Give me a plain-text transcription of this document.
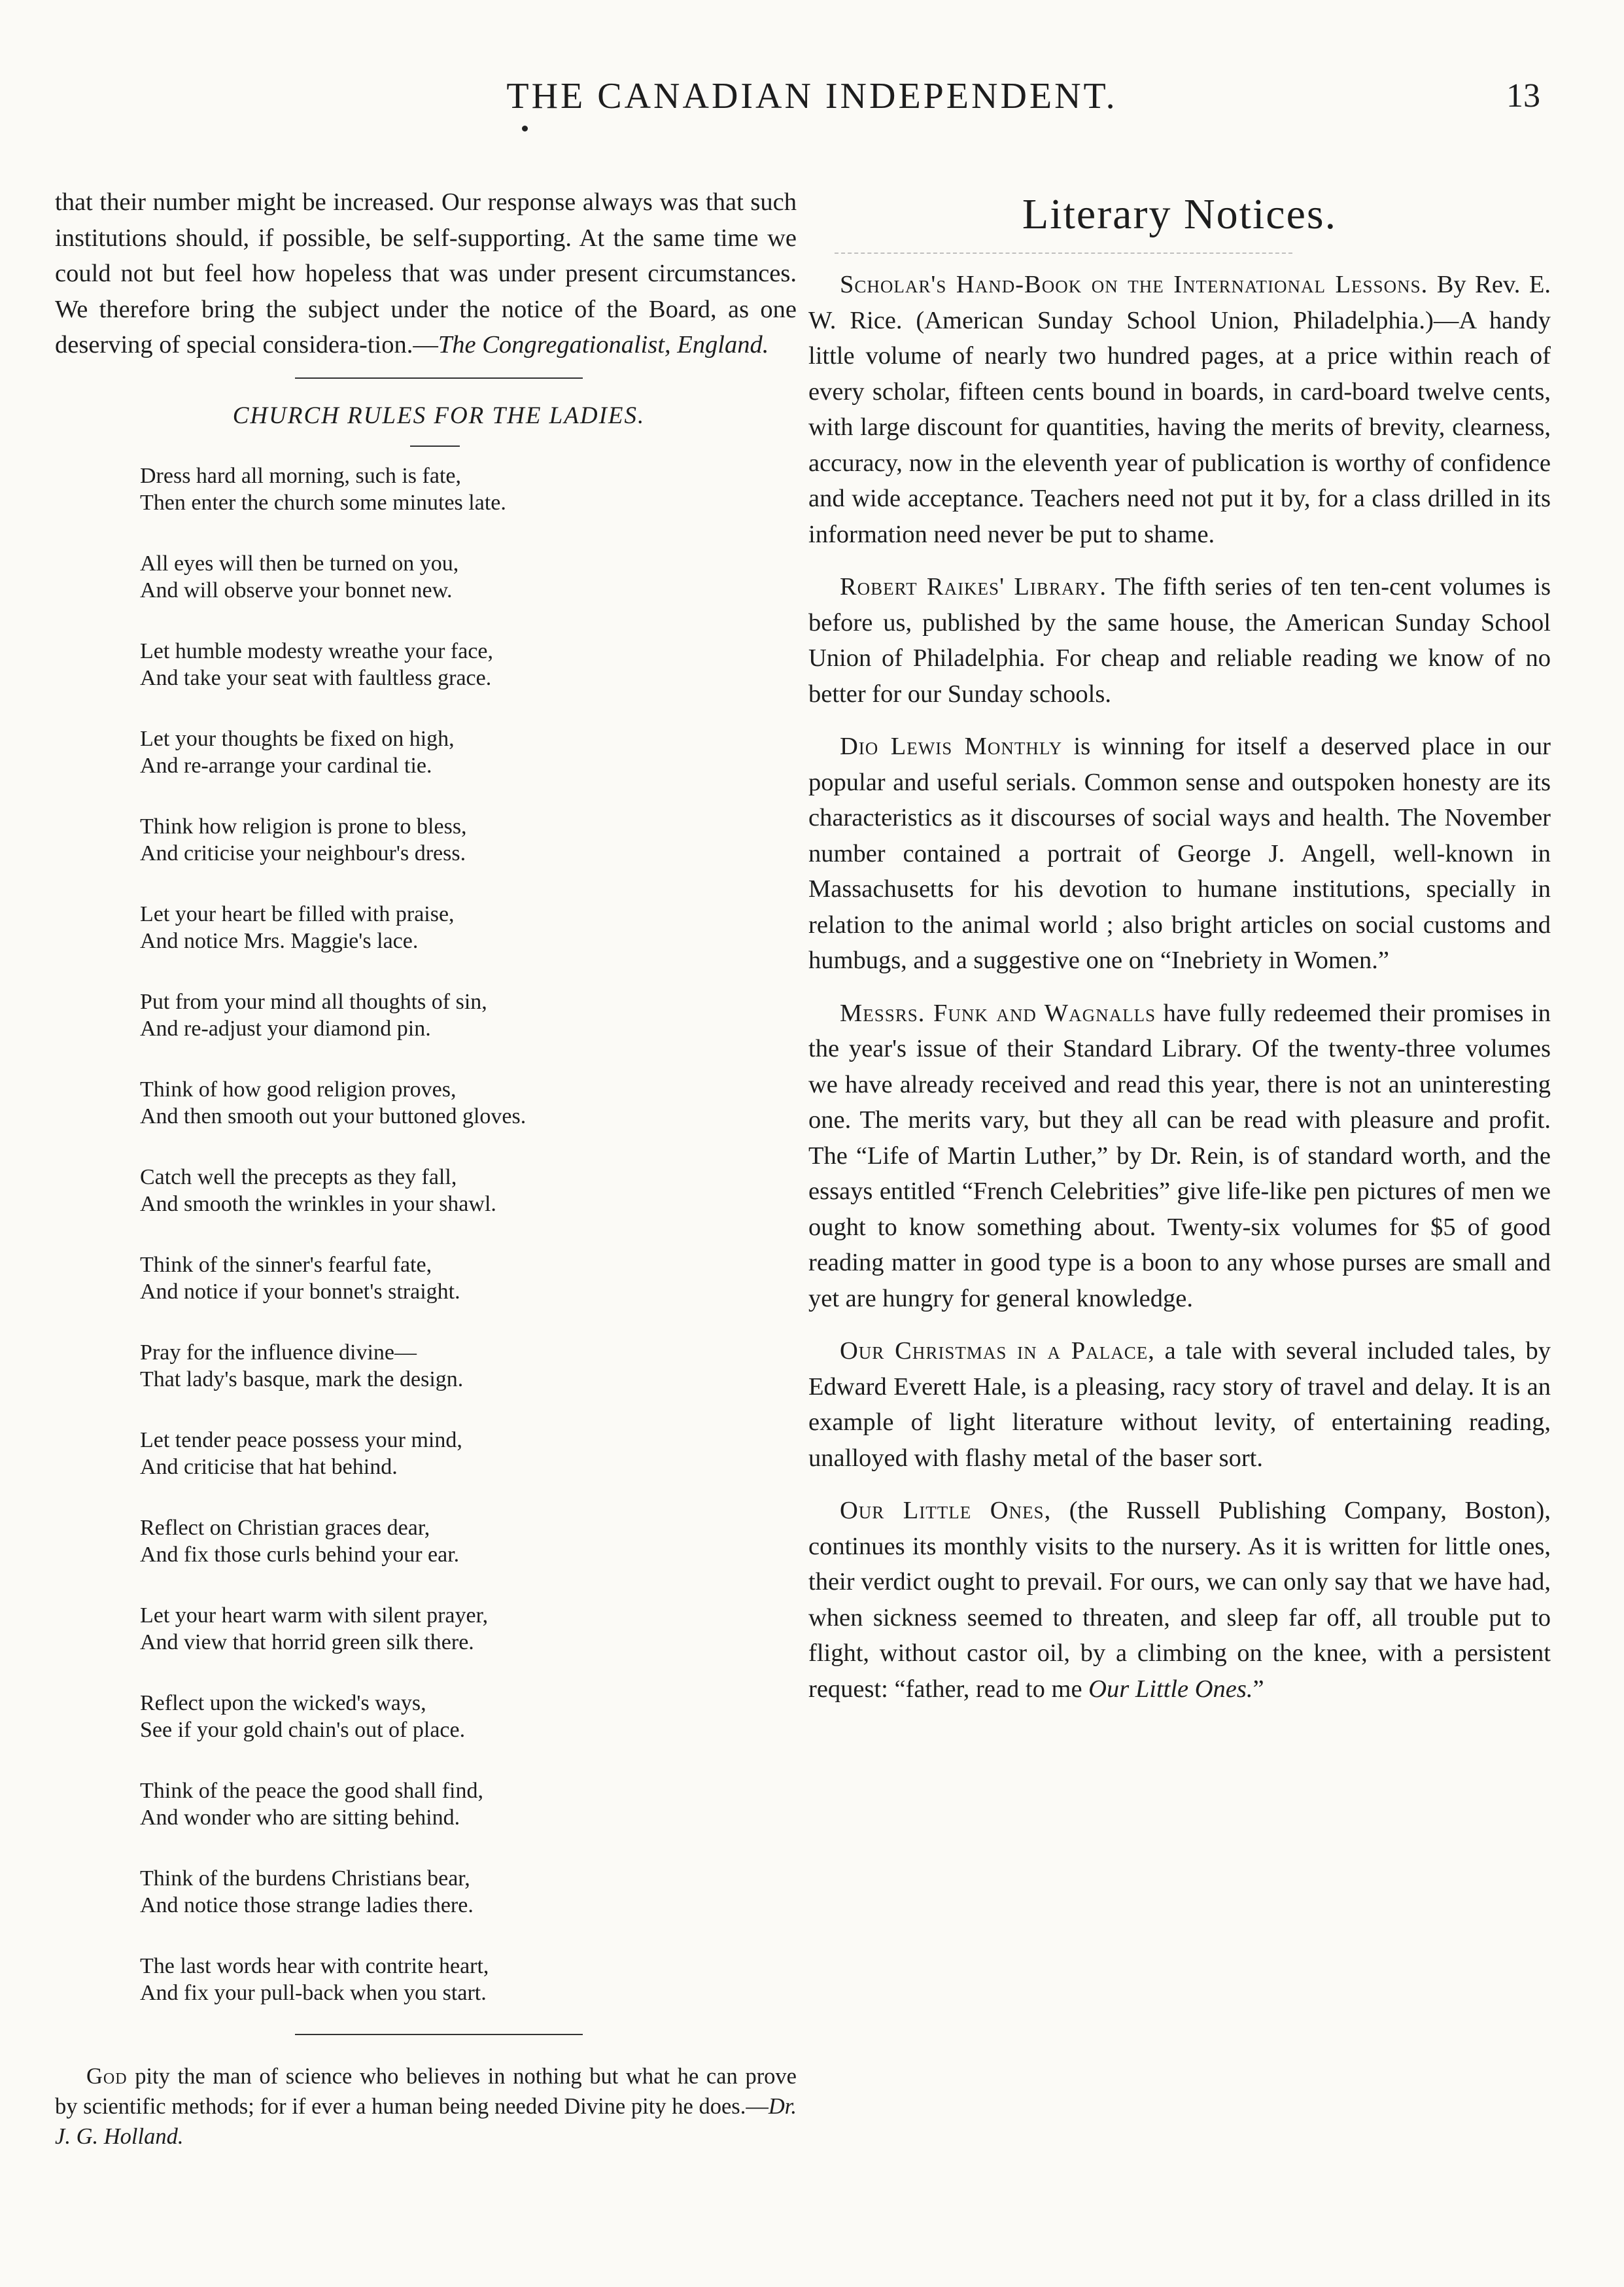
THE CANADIAN INDEPENDENT.	13

that their number might be increased. Our response always was that such institutions should, if possible, be self-supporting. At the same time we could not but feel how hopeless that was under present circumstances. We therefore bring the subject under the notice of the Board, as one deserving of special considera-tion.—The Congregationalist, England.

CHURCH RULES FOR THE LADIES.
Dress hard all morning, such is fate,
Then enter the church some minutes late.
All eyes will then be turned on you,
And will observe your bonnet new.
Let humble modesty wreathe your face,
And take your seat with faultless grace.
Let your thoughts be fixed on high,
And re-arrange your cardinal tie.
Think how religion is prone to bless,
And criticise your neighbour's dress.
Let your heart be filled with praise,
And notice Mrs. Maggie's lace.
Put from your mind all thoughts of sin,
And re-adjust your diamond pin.
Think of how good religion proves,
And then smooth out your buttoned gloves.
Catch well the precepts as they fall,
And smooth the wrinkles in your shawl.
Think of the sinner's fearful fate,
And notice if your bonnet's straight.
Pray for the influence divine—
That lady's basque, mark the design.
Let tender peace possess your mind,
And criticise that hat behind.
Reflect on Christian graces dear,
And fix those curls behind your ear.
Let your heart warm with silent prayer,
And view that horrid green silk there.
Reflect upon the wicked's ways,
See if your gold chain's out of place.
Think of the peace the good shall find,
And wonder who are sitting behind.
Think of the burdens Christians bear,
And notice those strange ladies there.
The last words hear with contrite heart,
And fix your pull-back when you start.

God pity the man of science who believes in nothing but what he can prove by scientific methods; for if ever a human being needed Divine pity he does.—Dr. J. G. Holland.

Literary Notices.

Scholar's Hand-Book on the International Lessons. By Rev. E. W. Rice. (American Sunday School Union, Philadelphia.)—A handy little volume of nearly two hundred pages, at a price within reach of every scholar, fifteen cents bound in boards, in card-board twelve cents, with large discount for quantities, having the merits of brevity, clearness, accuracy, now in the eleventh year of publication is worthy of confidence and wide acceptance. Teachers need not put it by, for a class drilled in its information need never be put to shame.

Robert Raikes' Library. The fifth series of ten ten-cent volumes is before us, published by the same house, the American Sunday School Union of Philadelphia. For cheap and reliable reading we know of no better for our Sunday schools.

Dio Lewis Monthly is winning for itself a deserved place in our popular and useful serials. Common sense and outspoken honesty are its characteristics as it discourses of social ways and health. The November number contained a portrait of George J. Angell, well-known in Massachusetts for his devotion to humane institutions, specially in relation to the animal world ; also bright articles on social customs and humbugs, and a suggestive one on “Inebriety in Women.”

Messrs. Funk and Wagnalls have fully redeemed their promises in the year's issue of their Standard Library. Of the twenty-three volumes we have already received and read this year, there is not an uninteresting one. The merits vary, but they all can be read with pleasure and profit. The “Life of Martin Luther,” by Dr. Rein, is of standard worth, and the essays entitled “French Celebrities” give life-like pen pictures of men we ought to know something about. Twenty-six volumes for $5 of good reading matter in good type is a boon to any whose purses are small and yet are hungry for general knowledge.

Our Christmas in a Palace, a tale with several included tales, by Edward Everett Hale, is a pleasing, racy story of travel and delay. It is an example of light literature without levity, of entertaining reading, unalloyed with flashy metal of the baser sort.

Our Little Ones, (the Russell Publishing Company, Boston), continues its monthly visits to the nursery. As it is written for little ones, their verdict ought to prevail. For ours, we can only say that we have had, when sickness seemed to threaten, and sleep far off, all trouble put to flight, without castor oil, by a climbing on the knee, with a persistent request: “father, read to me Our Little Ones.”
